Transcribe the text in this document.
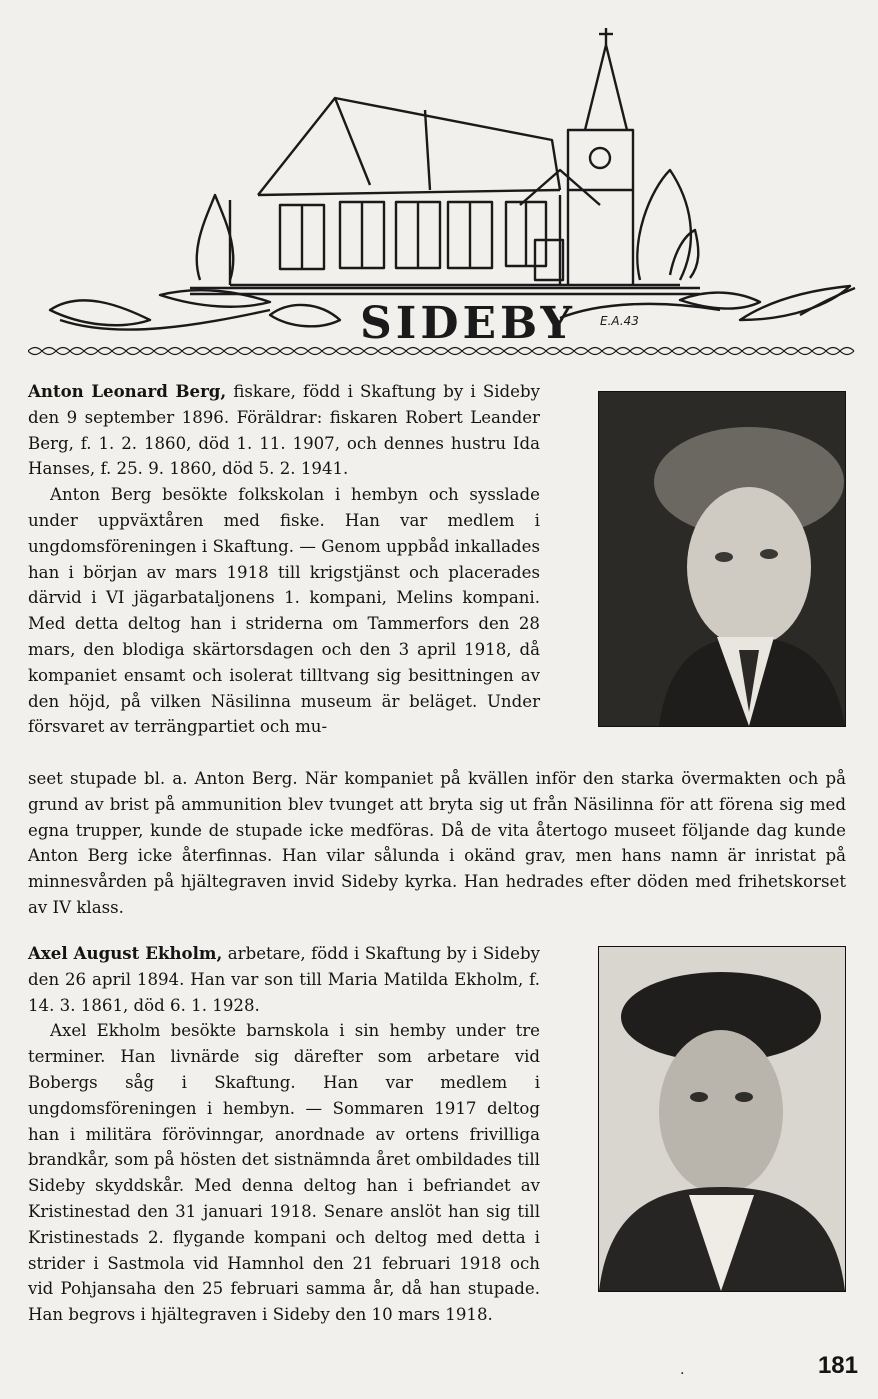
SIDEBY E.A.43

Anton Leonard Berg, fiskare, född i Skaftung by i Sideby den 9 september 1896. Föräldrar: fiskaren Robert Leander Berg, f. 1. 2. 1860, död 1. 11. 1907, och dennes hustru Ida Hanses, f. 25. 9. 1860, död 5. 2. 1941.

Anton Berg besökte folkskolan i hembyn och sysslade under uppväxtåren med fiske. Han var medlem i ungdomsföreningen i Skaftung. — Genom uppbåd inkallades han i början av mars 1918 till krigstjänst och placerades därvid i VI jägarbataljonens 1. kompani, Melins kompani. Med detta deltog han i striderna om Tammerfors den 28 mars, den blodiga skärtorsdagen och den 3 april 1918, då kompaniet ensamt och isolerat tilltvang sig besittningen av den höjd, på vilken Näsilinna museum är beläget. Under försvaret av terrängpartiet och mu-

seet stupade bl. a. Anton Berg. När kompaniet på kvällen inför den starka övermakten och på grund av brist på ammunition blev tvunget att bryta sig ut från Näsilinna för att förena sig med egna trupper, kunde de stupade icke medföras. Då de vita återtogo museet följande dag kunde Anton Berg icke återfinnas. Han vilar sålunda i okänd grav, men hans namn är inristat på minnesvården på hjältegraven invid Sideby kyrka. Han hedrades efter döden med frihetskorset av IV klass.

Axel August Ekholm, arbetare, född i Skaftung by i Sideby den 26 april 1894. Han var son till Maria Matilda Ekholm, f. 14. 3. 1861, död 6. 1. 1928.

Axel Ekholm besökte barnskola i sin hemby under tre terminer. Han livnärde sig därefter som arbetare vid Bobergs såg i Skaftung. Han var medlem i ungdomsföreningen i hembyn. — Sommaren 1917 deltog han i militära förövinngar, anordnade av ortens frivilliga brandkår, som på hösten det sistnämnda året ombildades till Sideby skyddskår. Med denna deltog han i befriandet av Kristinestad den 31 januari 1918. Senare anslöt han sig till Kristinestads 2. flygande kompani och deltog med detta i strider i Sastmola vid Hamnhol den 21 februari 1918 och vid Pohjansaha den 25 februari samma år, då han stupade. Han begrovs i hjältegraven i Sideby den 10 mars 1918.

.	181
